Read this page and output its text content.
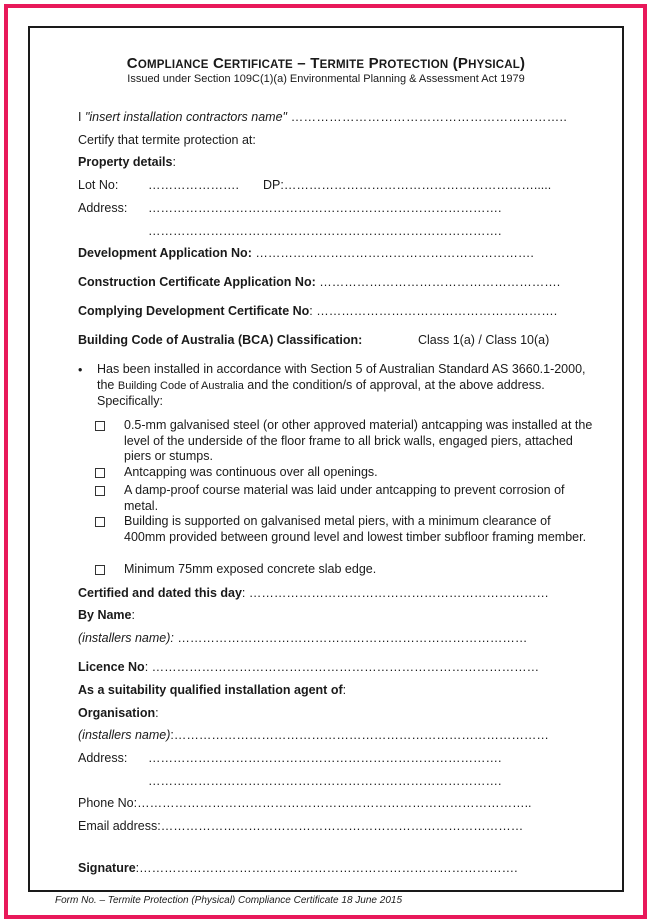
COMPLIANCE CERTIFICATE – TERMITE PROTECTION (PHYSICAL)
Issued under Section 109C(1)(a) Environmental Planning & Assessment Act 1979
I "insert installation contractors name" ………………………………………………………..
Certify that termite protection at:
Property details:
Lot No: …………………. DP:…………………………………………………….....
Address: ………………………………………………………………………….
………………………………………………………………………….
Development Application No: ………………………………………………………….
Construction Certificate Application No: ………………………………………………….
Complying Development Certificate No: ………………………………………………….
Building Code of Australia (BCA) Classification:	Class 1(a) / Class 10(a)
• Has been installed in accordance with Section 5 of Australian Standard AS 3660.1-2000, the Building Code of Australia and the condition/s of approval, at the above address. Specifically:
0.5-mm galvanised steel (or other approved material) antcapping was installed at the level of the underside of the floor frame to all brick walls, engaged piers, attached piers or stumps.
Antcapping was continuous over all openings.
A damp-proof course material was laid under antcapping to prevent corrosion of metal.
Building is supported on galvanised metal piers, with a minimum clearance of 400mm provided between ground level and lowest timber subfloor framing member.
Minimum 75mm exposed concrete slab edge.
Certified and dated this day: ………………………………………………………………
By Name:
(installers name): …………………………………………………………………………
Licence No: …………………………………………………………………………………
As a suitability qualified installation agent of:
Organisation:
(installers name):………………………………………………………………………………
Address: ………………………………………………………………………….
………………………………………………………………………….
Phone No:…………………………………………………………………………………..
Email address:……………………………………………………………………………
Signature:……………………………………………………………………………….
Form No. – Termite Protection (Physical) Compliance Certificate 18 June 2015
